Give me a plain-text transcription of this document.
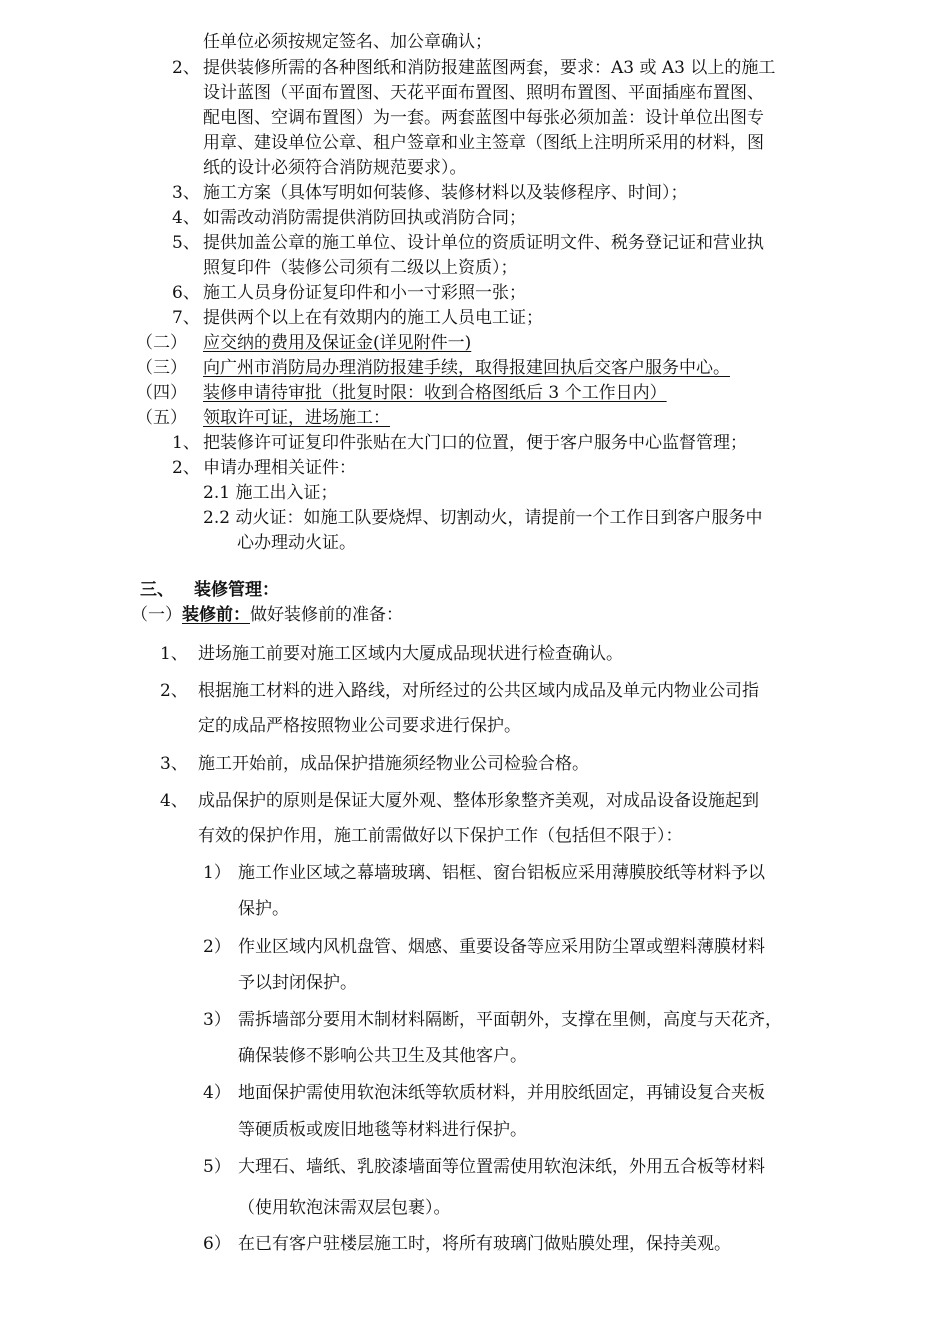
任单位必须按规定签名、加公章确认；
2、 提供装修所需的各种图纸和消防报建蓝图两套，要求：A3 或 A3 以上的施工
设计蓝图（平面布置图、天花平面布置图、照明布置图、平面插座布置图、
配电图、空调布置图）为一套。两套蓝图中每张必须加盖：设计单位出图专
用章、建设单位公章、租户签章和业主签章（图纸上注明所采用的材料，图
纸的设计必须符合消防规范要求）。
3、 施工方案（具体写明如何装修、装修材料以及装修程序、时间）；
4、 如需改动消防需提供消防回执或消防合同；
5、 提供加盖公章的施工单位、设计单位的资质证明文件、税务登记证和营业执
照复印件（装修公司须有二级以上资质）；
6、 施工人员身份证复印件和小一寸彩照一张；
7、 提供两个以上在有效期内的施工人员电工证；
（二） 应交纳的费用及保证金(详见附件一)
（三） 向广州市消防局办理消防报建手续，取得报建回执后交客户服务中心。
（四） 装修申请待审批（批复时限：收到合格图纸后 3 个工作日内）
（五） 领取许可证，进场施工：
1、 把装修许可证复印件张贴在大门口的位置，便于客户服务中心监督管理；
2、 申请办理相关证件：
2.1 施工出入证；
2.2 动火证：如施工队要烧焊、切割动火，请提前一个工作日到客户服务中
心办理动火证。
三、 装修管理：
（一）装修前：做好装修前的准备：
1、 进场施工前要对施工区域内大厦成品现状进行检查确认。
2、 根据施工材料的进入路线，对所经过的公共区域内成品及单元内物业公司指
定的成品严格按照物业公司要求进行保护。
3、 施工开始前，成品保护措施须经物业公司检验合格。
4、 成品保护的原则是保证大厦外观、整体形象整齐美观，对成品设备设施起到
有效的保护作用，施工前需做好以下保护工作（包括但不限于）：
1） 施工作业区域之幕墙玻璃、铝框、窗台铝板应采用薄膜胶纸等材料予以
保护。
2） 作业区域内风机盘管、烟感、重要设备等应采用防尘罩或塑料薄膜材料
予以封闭保护。
3） 需拆墙部分要用木制材料隔断，平面朝外，支撑在里侧，高度与天花齐，
确保装修不影响公共卫生及其他客户。
4） 地面保护需使用软泡沫纸等软质材料，并用胶纸固定，再铺设复合夹板
等硬质板或废旧地毯等材料进行保护。
5） 大理石、墙纸、乳胶漆墙面等位置需使用软泡沫纸，外用五合板等材料
（使用软泡沫需双层包裹）。
6） 在已有客户驻楼层施工时，将所有玻璃门做贴膜处理，保持美观。
